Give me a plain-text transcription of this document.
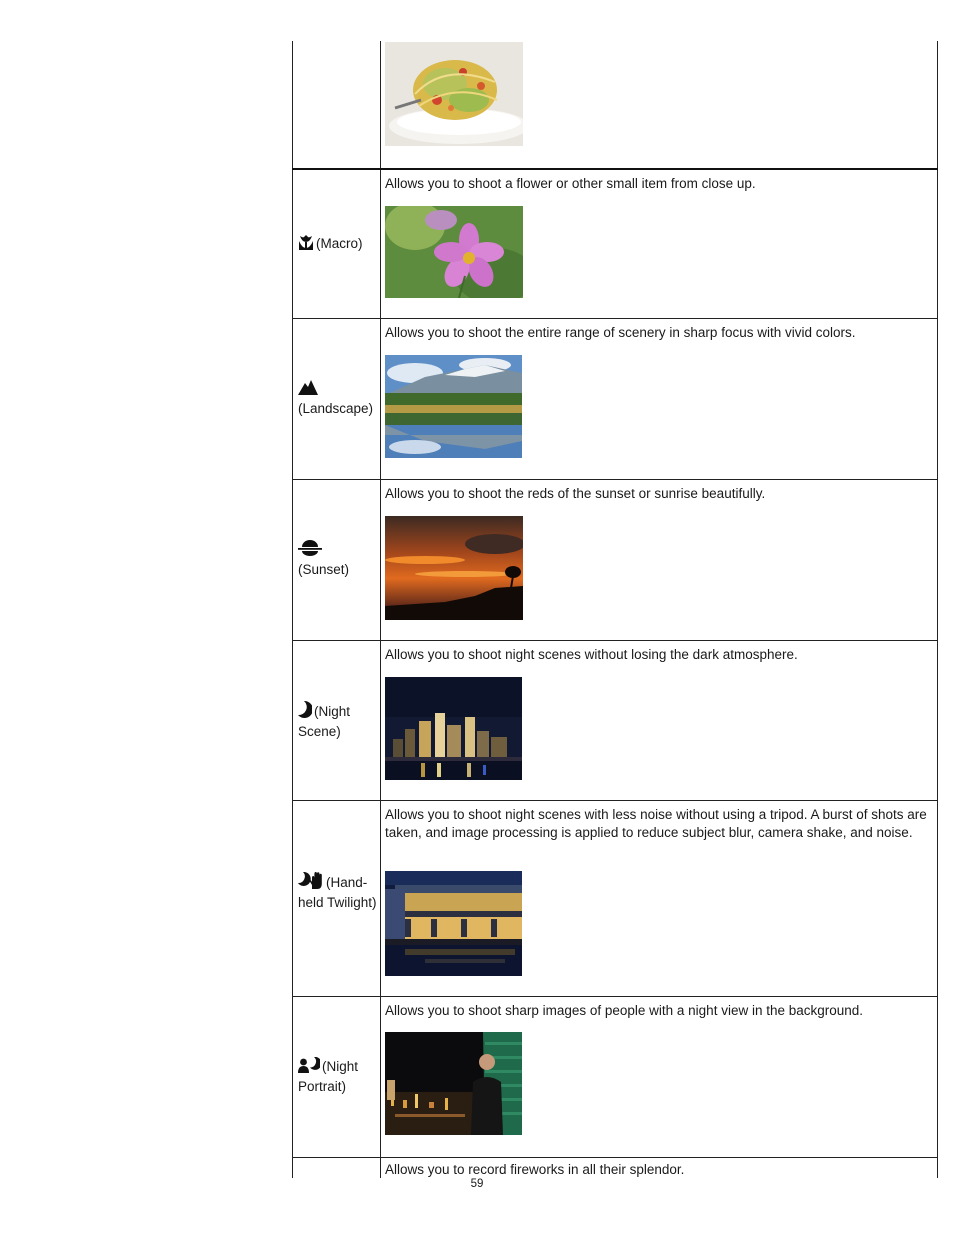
(Macro)
Allows you to shoot a flower or other small item from close up.

(Landscape)
Allows you to shoot the entire range of scenery in sharp focus with vivid colors.

(Sunset)
Allows you to shoot the reds of the sunset or sunrise beautifully.
(Night Scene)
Allows you to shoot night scenes without losing the dark atmosphere.
(Hand-held Twilight)
Allows you to shoot night scenes with less noise without using a tripod. A burst of shots are taken, and image processing is applied to reduce subject blur, camera shake, and noise.
(Night Portrait)
Allows you to shoot sharp images of people with a night view in the background.
Allows you to record fireworks in all their splendor.
59
